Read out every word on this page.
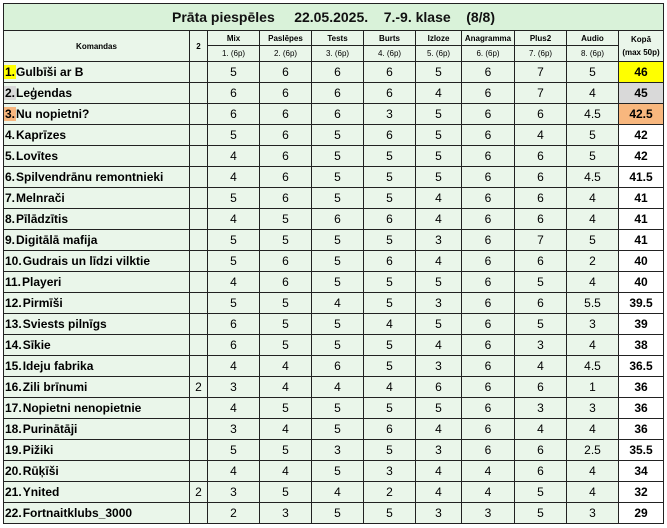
Prāta piespēles 22.05.2025. 7.-9. klase (8/8)										
Komandas	2	Mix	Paslēpes	Tests	Burts	Izloze	Anagramma	Plus2	Audio	Kopā
(max 50p)

		1. (6p)	2. (6p)	3. (6p)	4. (6p)	5. (6p)	6. (6p)	7. (6p)	8. (6p)	
1.Gulbīši ar B		5	6	6	6	5	6	7	5	46
2.Leģendas		6	6	6	6	4	6	7	4	45
3.Nu nopietni?		6	6	6	3	5	6	6	4.5	42.5
4.Kaprīzes		5	6	5	6	5	6	4	5	42
5.Lovītes		4	6	5	5	5	6	6	5	42
6.Spilvendrānu remontnieki		4	6	5	5	5	6	6	4.5	41.5
7.Melnrači		5	6	5	5	4	6	6	4	41
8.Pīlādzītis		4	5	6	6	4	6	6	4	41
9.Digitālā mafija		5	5	5	5	3	6	7	5	41
10.Gudrais un līdzi vilktie		5	6	5	6	4	6	6	2	40
11.Playeri		4	6	5	5	5	6	5	4	40
12.Pirmīši		5	5	4	5	3	6	6	5.5	39.5
13.Sviests pilnīgs		6	5	5	4	5	6	5	3	39
14.Sīkie		6	5	5	5	4	6	3	4	38
15.Ideju fabrika		4	4	6	5	3	6	4	4.5	36.5
16.Zili brīnumi	2	3	4	4	4	6	6	6	1	36
17.Nopietni nenopietnie		4	5	5	5	5	6	3	3	36
18.Purinātāji		3	4	5	6	4	6	4	4	36
19.Pižiki		5	5	3	5	3	6	6	2.5	35.5
20.Rūķīši		4	4	5	3	4	4	6	4	34
21.Ynited	2	3	5	4	2	4	4	5	4	32
22.Fortnaitklubs_3000		2	3	5	5	3	3	5	3	29
